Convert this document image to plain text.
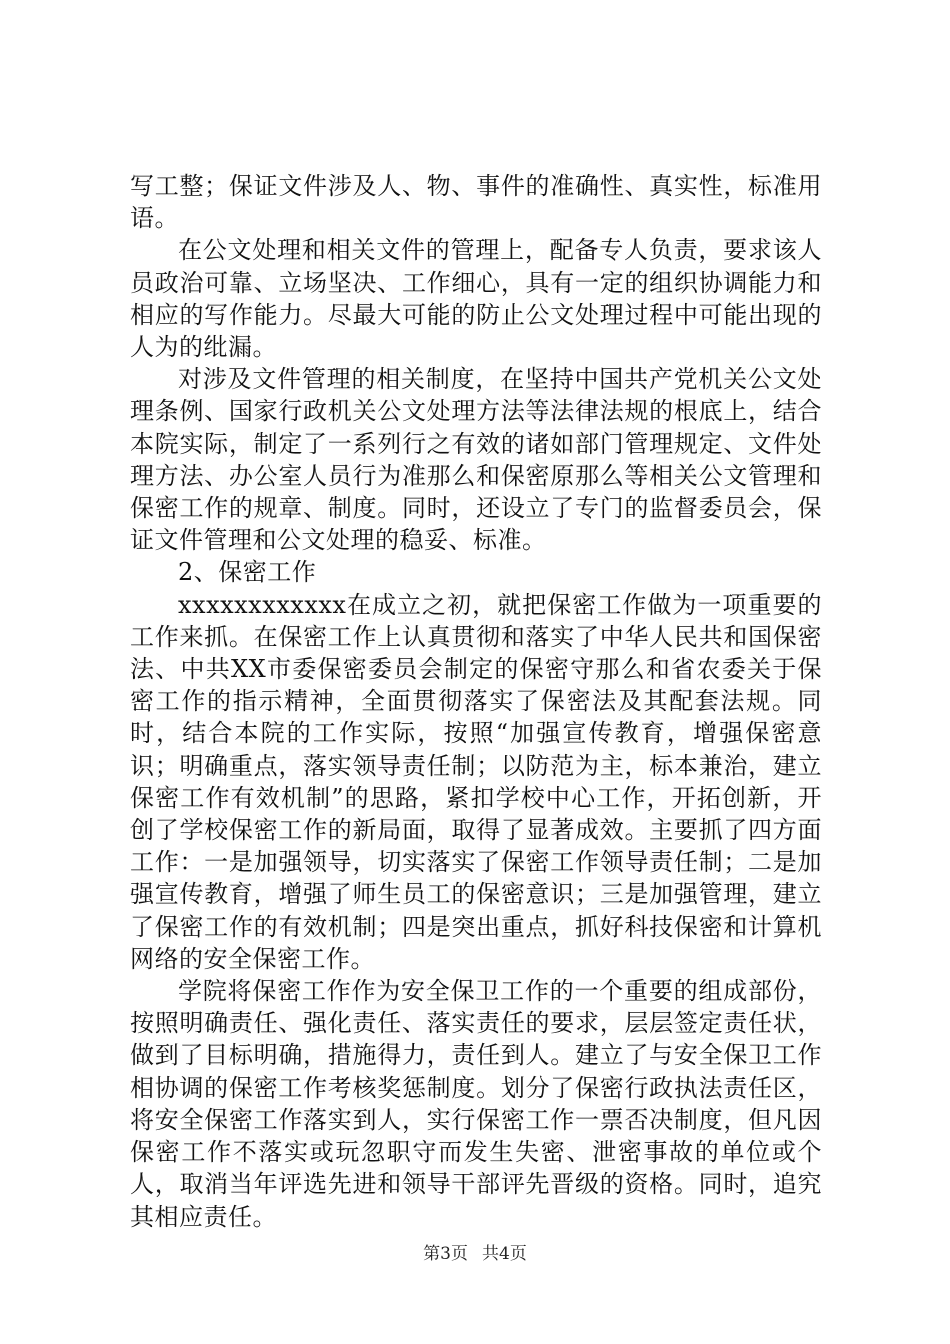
写工整；保证文件涉及人、物、事件的准确性、真实性，标准用语。

在公文处理和相关文件的管理上，配备专人负责，要求该人员政治可靠、立场坚决、工作细心，具有一定的组织协调能力和相应的写作能力。尽最大可能的防止公文处理过程中可能出现的人为的纰漏。

对涉及文件管理的相关制度，在坚持中国共产党机关公文处理条例、国家行政机关公文处理方法等法律法规的根底上，结合本院实际，制定了一系列行之有效的诸如部门管理规定、文件处理方法、办公室人员行为准那么和保密原那么等相关公文管理和保密工作的规章、制度。同时，还设立了专门的监督委员会，保证文件管理和公文处理的稳妥、标准。

2、保密工作

xxxxxxxxxxxx在成立之初，就把保密工作做为一项重要的工作来抓。在保密工作上认真贯彻和落实了中华人民共和国保密法、中共XX市委保密委员会制定的保密守那么和省农委关于保密工作的指示精神，全面贯彻落实了保密法及其配套法规。同时，结合本院的工作实际，按照“加强宣传教育，增强保密意识；明确重点，落实领导责任制；以防范为主，标本兼治，建立保密工作有效机制”的思路，紧扣学校中心工作，开拓创新，开创了学校保密工作的新局面，取得了显著成效。主要抓了四方面工作：一是加强领导，切实落实了保密工作领导责任制；二是加强宣传教育，增强了师生员工的保密意识；三是加强管理，建立了保密工作的有效机制；四是突出重点，抓好科技保密和计算机网络的安全保密工作。

学院将保密工作作为安全保卫工作的一个重要的组成部份，按照明确责任、强化责任、落实责任的要求，层层签定责任状，做到了目标明确，措施得力，责任到人。建立了与安全保卫工作相协调的保密工作考核奖惩制度。划分了保密行政执法责任区，将安全保密工作落实到人，实行保密工作一票否决制度，但凡因保密工作不落实或玩忽职守而发生失密、泄密事故的单位或个人，取消当年评选先进和领导干部评先晋级的资格。同时，追究其相应责任。

第3页 共4页
